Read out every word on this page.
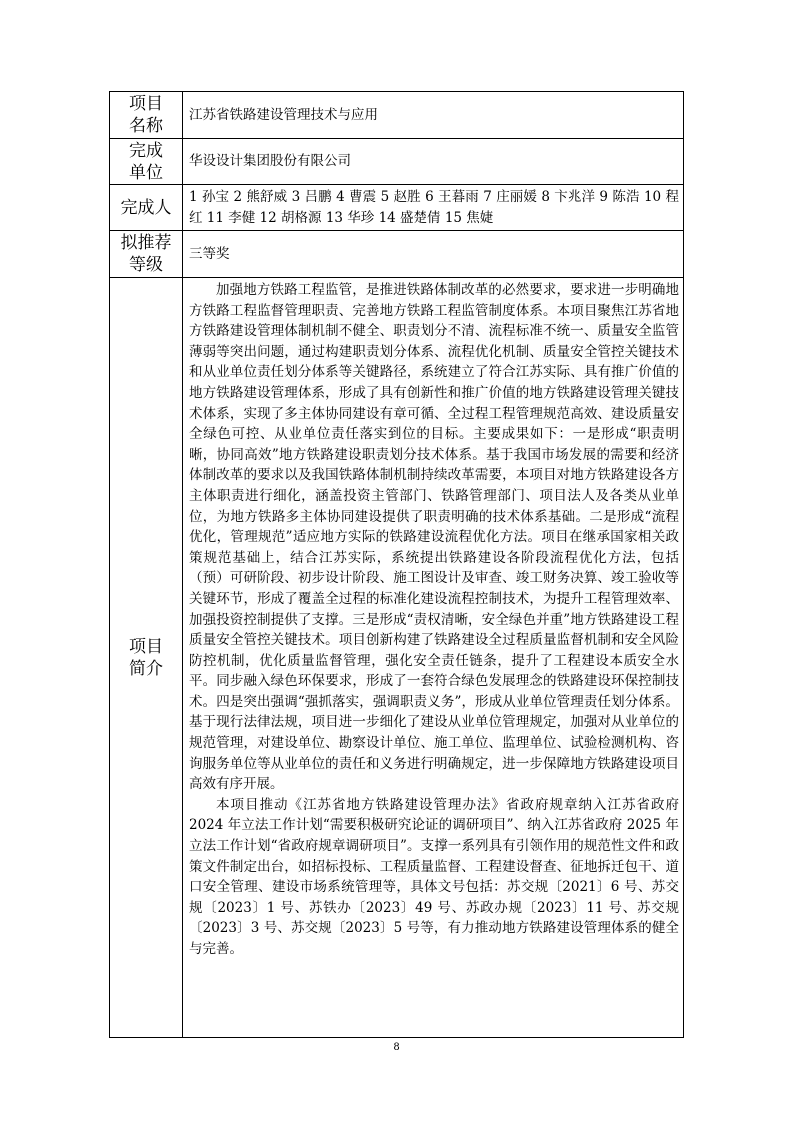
项目名称	江苏省铁路建设管理技术与应用

完成单位	华设设计集团股份有限公司

完成人	1 孙宝 2 熊舒威 3 吕鹏 4 曹震 5 赵胜 6 王暮雨 7 庄丽媛 8 卞兆洋 9 陈浩 10 程红 11 李健 12 胡格源 13 华珍 14 盛楚倩 15 焦婕

拟推荐等级	三等奖

项目简介	加强地方铁路工程监管，是推进铁路体制改革的必然要求，要求进一步明确地方铁路工程监督管理职责、完善地方铁路工程监管制度体系。本项目聚焦江苏省地方铁路建设管理体制机制不健全、职责划分不清、流程标准不统一、质量安全监管薄弱等突出问题，通过构建职责划分体系、流程优化机制、质量安全管控关键技术和从业单位责任划分体系等关键路径，系统建立了符合江苏实际、具有推广价值的地方铁路建设管理体系，形成了具有创新性和推广价值的地方铁路建设管理关键技术体系，实现了多主体协同建设有章可循、全过程工程管理规范高效、建设质量安全绿色可控、从业单位责任落实到位的目标。主要成果如下：一是形成“职责明晰，协同高效”地方铁路建设职责划分技术体系。基于我国市场发展的需要和经济体制改革的要求以及我国铁路体制机制持续改革需要，本项目对地方铁路建设各方主体职责进行细化，涵盖投资主管部门、铁路管理部门、项目法人及各类从业单位，为地方铁路多主体协同建设提供了职责明确的技术体系基础。二是形成“流程优化，管理规范”适应地方实际的铁路建设流程优化方法。项目在继承国家相关政策规范基础上，结合江苏实际，系统提出铁路建设各阶段流程优化方法，包括（预）可研阶段、初步设计阶段、施工图设计及审查、竣工财务决算、竣工验收等关键环节，形成了覆盖全过程的标准化建设流程控制技术，为提升工程管理效率、加强投资控制提供了支撑。三是形成“责权清晰，安全绿色并重”地方铁路建设工程质量安全管控关键技术。项目创新构建了铁路建设全过程质量监督机制和安全风险防控机制，优化质量监督管理，强化安全责任链条，提升了工程建设本质安全水平。同步融入绿色环保要求，形成了一套符合绿色发展理念的铁路建设环保控制技术。四是突出强调“强抓落实，强调职责义务”，形成从业单位管理责任划分体系。基于现行法律法规，项目进一步细化了建设从业单位管理规定，加强对从业单位的规范管理，对建设单位、勘察设计单位、施工单位、监理单位、试验检测机构、咨询服务单位等从业单位的责任和义务进行明确规定，进一步保障地方铁路建设项目高效有序开展。

本项目推动《江苏省地方铁路建设管理办法》省政府规章纳入江苏省政府 2024 年立法工作计划“需要积极研究论证的调研项目”、纳入江苏省政府 2025 年立法工作计划“省政府规章调研项目”。支撑一系列具有引领作用的规范性文件和政策文件制定出台，如招标投标、工程质量监督、工程建设督查、征地拆迁包干、道口安全管理、建设市场系统管理等，具体文号包括：苏交规〔2021〕6 号、苏交规〔2023〕1 号、苏铁办〔2023〕49 号、苏政办规〔2023〕11 号、苏交规〔2023〕3 号、苏交规〔2023〕5 号等，有力推动地方铁路建设管理体系的健全与完善。

8
